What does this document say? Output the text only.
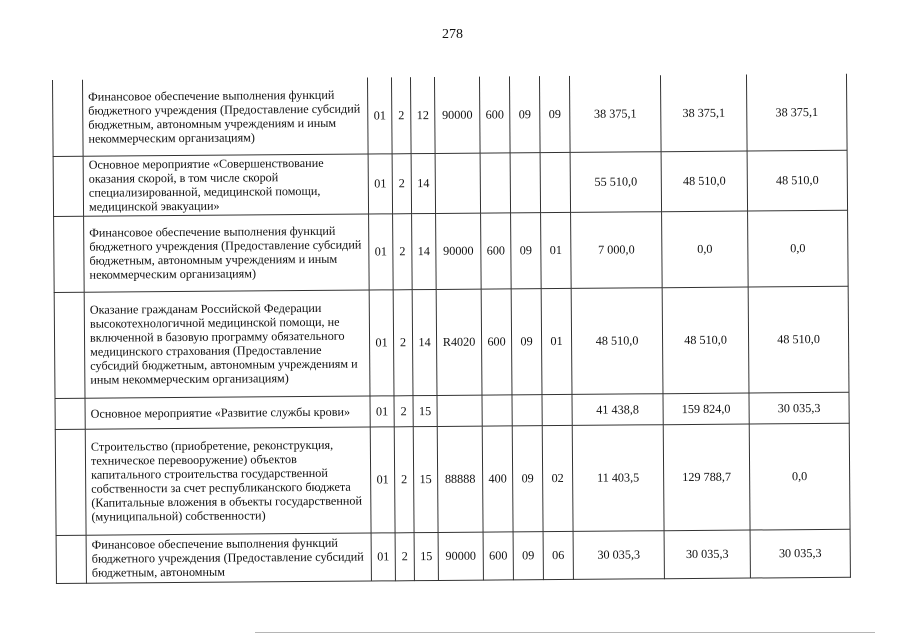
278
	Финансовое обеспечение выполнения функций бюджетного учреждения (Предоставление субсидий бюджетным, автономным учреждениям и иным некоммерческим организациям)	01	2	12	90000	600	09	09	38 375,1	38 375,1	38 375,1
	Основное мероприятие «Совершенствование оказания скорой, в том числе скорой специализированной, медицинской помощи, медицинской эвакуации»	01	2	14					55 510,0	48 510,0	48 510,0
	Финансовое обеспечение выполнения функций бюджетного учреждения (Предоставление субсидий бюджетным, автономным учреждениям и иным некоммерческим организациям)	01	2	14	90000	600	09	01	7 000,0	0,0	0,0
	Оказание гражданам Российской Федерации высокотехнологичной медицинской помощи, не включенной в базовую программу обязательного медицинского страхования (Предоставление субсидий бюджетным, автономным учреждениям и иным некоммерческим организациям)	01	2	14	R4020	600	09	01	48 510,0	48 510,0	48 510,0
	Основное мероприятие «Развитие службы крови»	01	2	15					41 438,8	159 824,0	30 035,3
	Строительство (приобретение, реконструкция, техническое перевооружение) объектов капитального строительства государственной собственности за счет республиканского бюджета (Капитальные вложения в объекты государственной (муниципальной) собственности)	01	2	15	88888	400	09	02	11 403,5	129 788,7	0,0
	Финансовое обеспечение выполнения функций бюджетного учреждения (Предоставление субсидий бюджетным, автономным	01	2	15	90000	600	09	06	30 035,3	30 035,3	30 035,3
